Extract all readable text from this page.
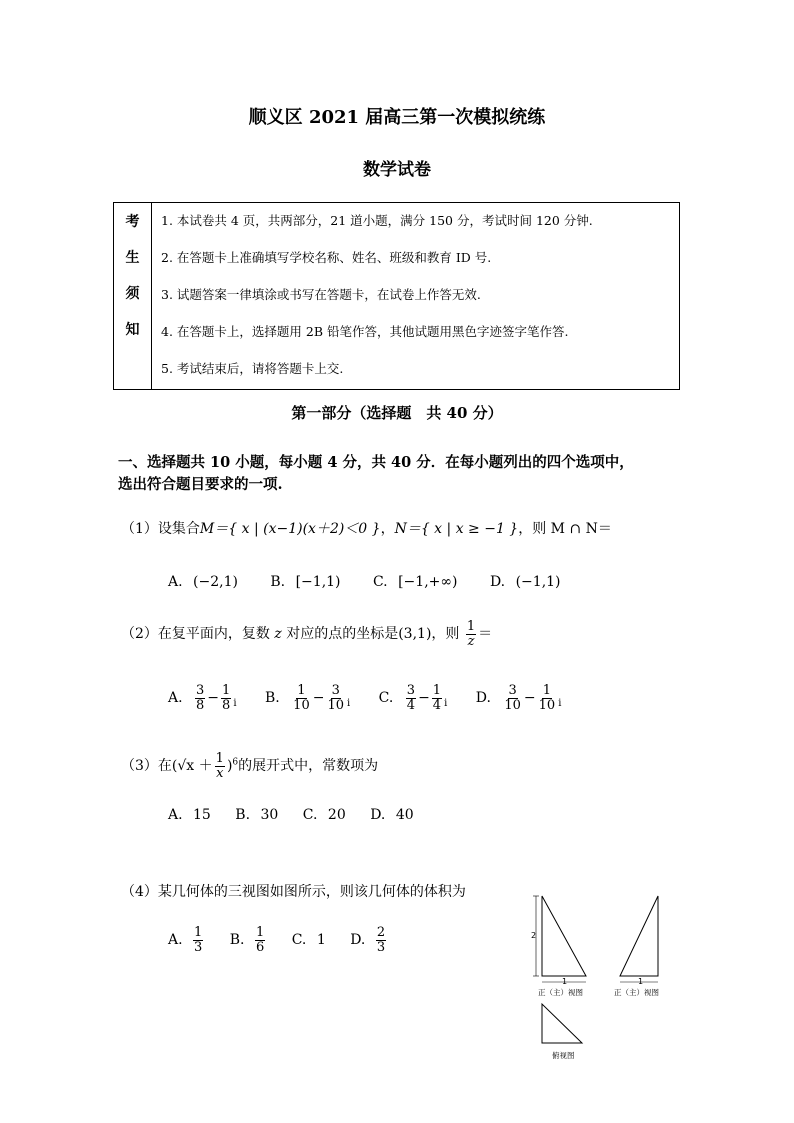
顺义区 2021 届高三第一次模拟统练
数学试卷
考
生
须
知
1. 本试卷共 4 页，共两部分，21 道小题，满分 150 分，考试时间 120 分钟.
2. 在答题卡上准确填写学校名称、姓名、班级和教育 ID 号.
3. 试题答案一律填涂或书写在答题卡，在试卷上作答无效.
4. 在答题卡上，选择题用 2B 铅笔作答，其他试题用黑色字迹签字笔作答.
5. 考试结束后，请将答题卡上交.
第一部分（选择题　共 40 分）
一、选择题共 10 小题，每小题 4 分，共 40 分．在每小题列出的四个选项中，
选出符合题目要求的一项.
（1）设集合M＝{ x | (x−1)(x＋2)＜0 }，N＝{ x | x ≥ −1 }，则 M ∩ N＝
A. (−2,1) B. [−1,1) C. [−1,+∞) D. (−1,1)
（2）在复平面内，复数 z 对应的点的坐标是(3,1)，则 $\frac{1}{z}$ ＝
A. $\frac{3}{8} - \frac{1}{8} _i$ B. $\frac{1}{10} - \frac{3}{10} _i$ C. $\frac{3}{4} - \frac{1}{4} _i$ D. $\frac{3}{10} - \frac{1}{10} _i$
（3）在$(√x + \frac{1}{x} )^6$的展开式中，常数项为
A. 15 B. 30 C. 20 D. 40
（4）某几何体的三视图如图所示，则该几何体的体积为
A. $\frac{1}{3} B$. $\frac{1}{6} C$. 1 D. $\frac{2}{3}$	2
1
正（主）视图
1
正（主）视图
俯视图
